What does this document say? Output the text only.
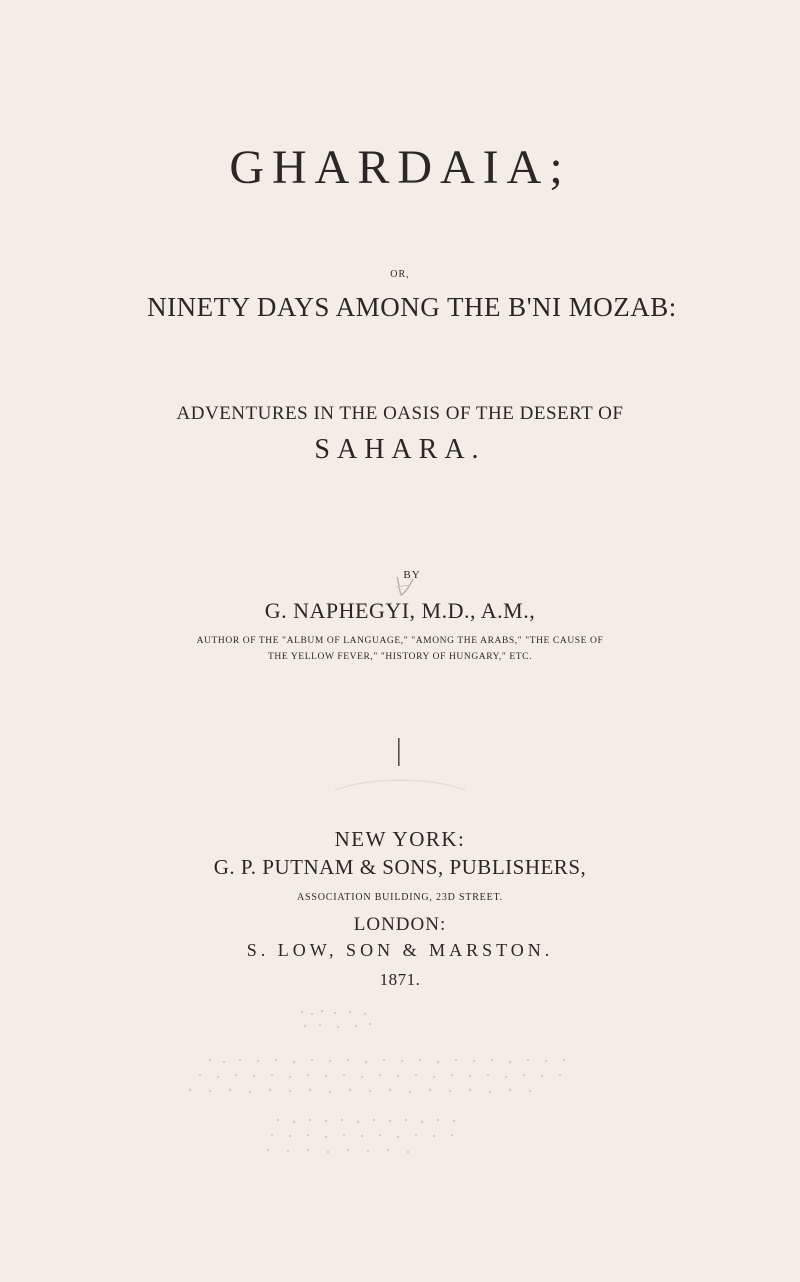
GHARDAIA;
OR,
NINETY DAYS AMONG THE B'NI MOZAB:
ADVENTURES IN THE OASIS OF THE DESERT OF
SAHARA.
BY
G. NAPHEGYI, M.D., A.M.,
AUTHOR OF THE "ALBUM OF LANGUAGE," "AMONG THE ARABS," "THE CAUSE OF
THE YELLOW FEVER," "HISTORY OF HUNGARY," ETC.
NEW YORK:
G. P. PUTNAM & SONS, PUBLISHERS,
ASSOCIATION BUILDING, 23D STREET.
LONDON:
S. LOW, SON & MARSTON.
1871.
